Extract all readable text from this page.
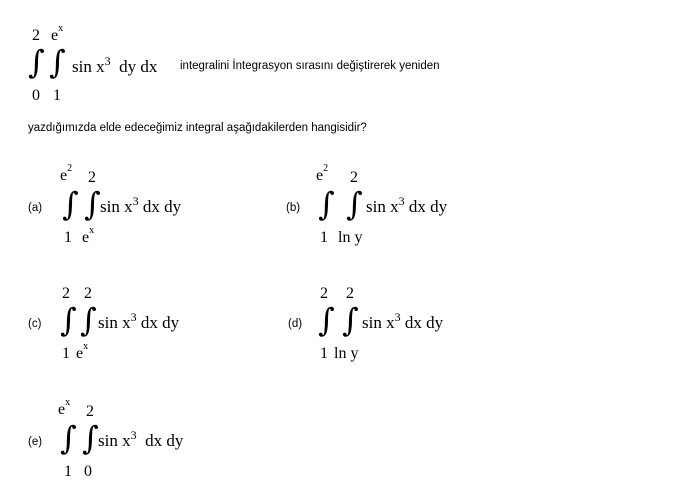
2 $e^x$
∫ ∫
0 1
$\sin x^3$ dy dx integralini İntegrasyon sırasını değiştirerek yeniden
yazdığımızda elde edeceğimiz integral aşağıdakilerden hangisidir?
(a)
$e^2$
2
∫ ∫
1 $e^x$
$\sin x^3$ dx dy	(b)
$e^2$
2
∫ ∫
1 ln y
$\sin x^3$ dx dy
(c)
2 2
∫ ∫
1 $e^x$
$\sin x^3$ dx dy	(d)
2 2
∫ ∫
1 ln y
$\sin x^3$ dx dy
(e)
$e^x$
2
∫ ∫
1 0
$\sin x^3$ dx dy
